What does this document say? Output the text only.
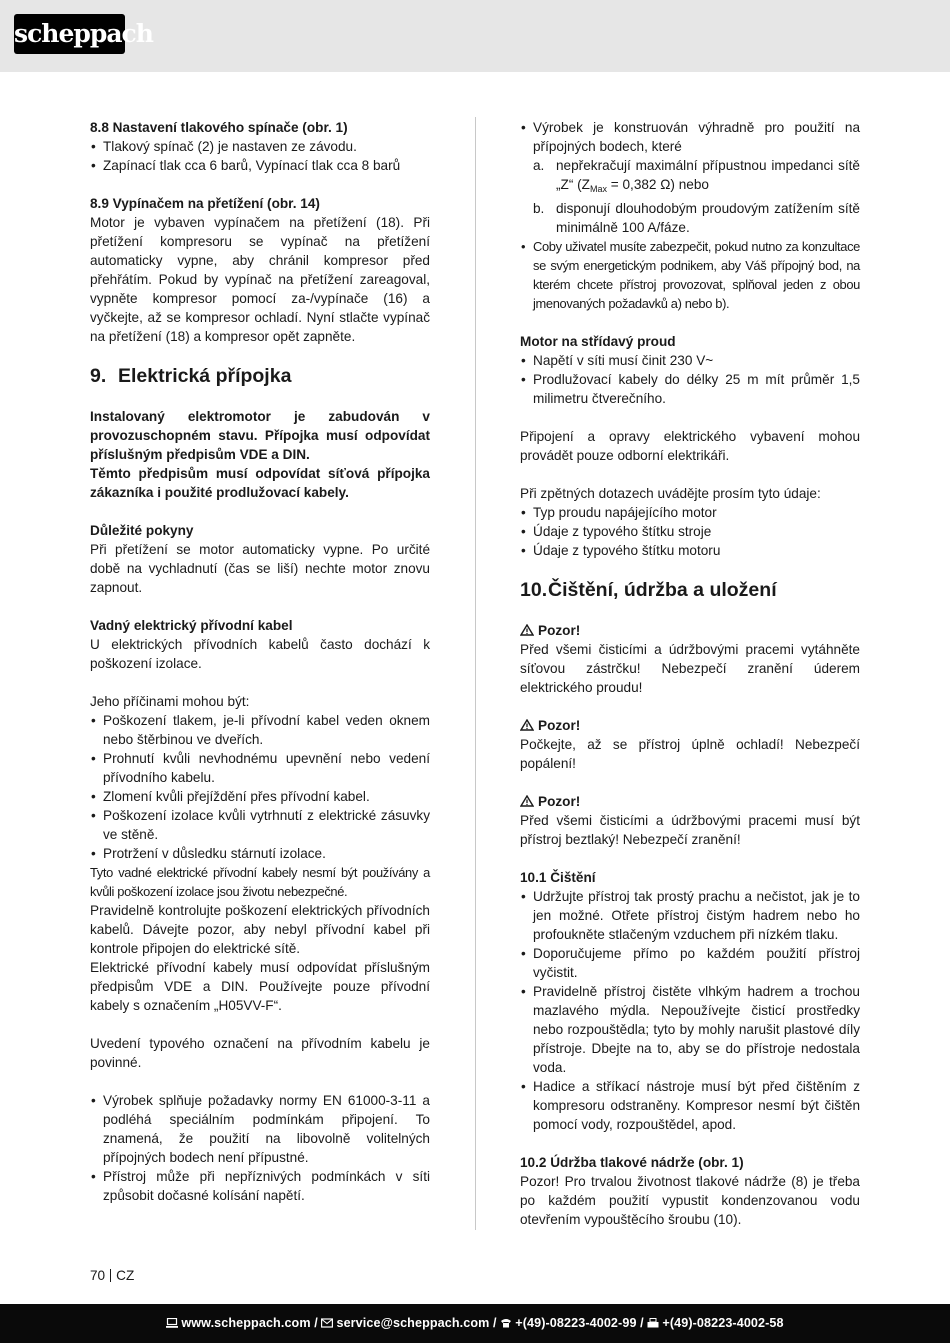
scheppach

8.8 Nastavení tlakového spínače (obr. 1)

• Tlakový spínač (2) je nastaven ze závodu.
• Zapínací tlak cca 6 barů, Vypínací tlak cca 8 barů

8.9 Vypínačem na přetížení (obr. 14)

Motor je vybaven vypínačem na přetížení (18). Při přetížení kompresoru se vypínač na přetížení automaticky vypne, aby chránil kompresor před přehřátím. Pokud by vypínač na přetížení zareagoval, vypněte kompresor pomocí za-/vypínače (16) a vyčkejte, až se kompresor ochladí. Nyní stlačte vypínač na přetížení (18) a kompresor opět zapněte.

9. Elektrická přípojka

Instalovaný elektromotor je zabudován v provozuschopném stavu. Přípojka musí odpovídat příslušným předpisům VDE a DIN.

Těmto předpisům musí odpovídat síťová přípojka zákazníka i použité prodlužovací kabely.

Důležité pokyny

Při přetížení se motor automaticky vypne. Po určité době na vychladnutí (čas se liší) nechte motor znovu zapnout.

Vadný elektrický přívodní kabel

U elektrických přívodních kabelů často dochází k poškození izolace.

Jeho příčinami mohou být:

• Poškození tlakem, je-li přívodní kabel veden oknem nebo štěrbinou ve dveřích.
• Prohnutí kvůli nevhodnému upevnění nebo vedení přívodního kabelu.
• Zlomení kvůli přejíždění přes přívodní kabel.
• Poškození izolace kvůli vytrhnutí z elektrické zásuvky ve stěně.
• Protržení v důsledku stárnutí izolace.

Tyto vadné elektrické přívodní kabely nesmí být používány a kvůli poškození izolace jsou životu nebezpečné.

Pravidelně kontrolujte poškození elektrických přívodních kabelů. Dávejte pozor, aby nebyl přívodní kabel při kontrole připojen do elektrické sítě.

Elektrické přívodní kabely musí odpovídat příslušným předpisům VDE a DIN. Používejte pouze přívodní kabely s označením „H05VV-F“.

Uvedení typového označení na přívodním kabelu je povinné.

• Výrobek splňuje požadavky normy EN 61000-3-11 a podléhá speciálním podmínkám připojení. To znamená, že použití na libovolně volitelných přípojných bodech není přípustné.
• Přístroj může při nepříznivých podmínkách v síti způsobit dočasné kolísání napětí.
• Výrobek je konstruován výhradně pro použití na přípojných bodech, které
a. nepřekračují maximální přípustnou impedanci sítě „Z“ ($Z_{Max} = 0,382$ Ω) nebo
b. disponují dlouhodobým proudovým zatížením sítě minimálně 100 A/fáze.
• Coby uživatel musíte zabezpečit, pokud nutno za konzultace se svým energetickým podnikem, aby Váš přípojný bod, na kterém chcete přístroj provozovat, splňoval jeden z obou jmenovaných požadavků a) nebo b).

Motor na střídavý proud

• Napětí v síti musí činit 230 V~
• Prodlužovací kabely do délky 25 m mít průměr 1,5 milimetru čtverečního.

Připojení a opravy elektrického vybavení mohou provádět pouze odborní elektrikáři.

Při zpětných dotazech uvádějte prosím tyto údaje:

• Typ proudu napájejícího motor
• Údaje z typového štítku stroje
• Údaje z typového štítku motoru
10.Čištění, údržba a uložení

Pozor!

Před všemi čisticími a údržbovými pracemi vytáhněte síťovou zástrčku! Nebezpečí zranění úderem elektrického proudu!

Pozor!

Počkejte, až se přístroj úplně ochladí! Nebezpečí popálení!

Pozor!

Před všemi čisticími a údržbovými pracemi musí být přístroj beztlaký! Nebezpečí zranění!

10.1 Čištění

• Udržujte přístroj tak prostý prachu a nečistot, jak je to jen možné. Otřete přístroj čistým hadrem nebo ho profoukněte stlačeným vzduchem při nízkém tlaku.
• Doporučujeme přímo po každém použití přístroj vyčistit.
• Pravidelně přístroj čistěte vlhkým hadrem a trochou mazlavého mýdla. Nepoužívejte čisticí prostředky nebo rozpouštědla; tyto by mohly narušit plastové díly přístroje. Dbejte na to, aby se do přístroje nedostala voda.
• Hadice a stříkací nástroje musí být před čištěním z kompresoru odstraněny. Kompresor nesmí být čištěn pomocí vody, rozpouštědel, apod.

10.2 Údržba tlakové nádrže (obr. 1)

Pozor! Pro trvalou životnost tlakové nádrže (8) je třeba po každém použití vypustit kondenzovanou vodu otevřením vypouštěcího šroubu (10).

70 CZ
www.scheppach.com / service@scheppach.com / +(49)-08223-4002-99 / +(49)-08223-4002-58
